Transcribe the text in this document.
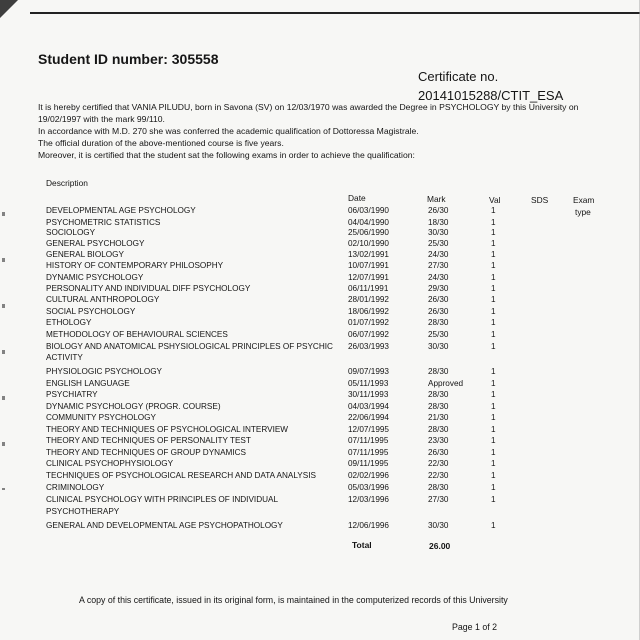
Student ID number: 305558
Certificate no.
20141015288/CTIT_ESA
It is hereby certified that VANIA PILUDU, born in Savona (SV) on 12/03/1970 was awarded the Degree in PSYCHOLOGY by this University on
19/02/1997 with the mark 99/110.
In accordance with M.D. 270 she was conferred the academic qualification of Dottoressa Magistrale.
The official duration of the above-mentioned course is five years.
Moreover, it is certified that the student sat the following exams in order to achieve the qualification:
Description
Date	Mark	Val	SDS	Exam
type
DEVELOPMENTAL AGE PSYCHOLOGY	06/03/1990	26/30	1
PSYCHOMETRIC STATISTICS	04/04/1990	18/30	1
SOCIOLOGY	25/06/1990	30/30	1
GENERAL PSYCHOLOGY	02/10/1990	25/30	1
GENERAL BIOLOGY	13/02/1991	24/30	1
HISTORY OF CONTEMPORARY PHILOSOPHY	10/07/1991	27/30	1
DYNAMIC PSYCHOLOGY	12/07/1991	24/30	1
PERSONALITY AND INDIVIDUAL DIFF PSYCHOLOGY	06/11/1991	29/30	1
CULTURAL ANTHROPOLOGY	28/01/1992	26/30	1
SOCIAL PSYCHOLOGY	18/06/1992	26/30	1
ETHOLOGY	01/07/1992	28/30	1
METHODOLOGY OF BEHAVIOURAL SCIENCES	06/07/1992	25/30	1
BIOLOGY AND ANATOMICAL PSHYSIOLOGICAL PRINCIPLES OF PSYCHIC 26/03/1993	30/30	1
ACTIVITY
PHYSIOLOGIC PSYCHOLOGY	09/07/1993	28/30	1
ENGLISH LANGUAGE	05/11/1993	Approved	1
PSYCHIATRY	30/11/1993	28/30	1
DYNAMIC PSYCHOLOGY (PROGR. COURSE)	04/03/1994	28/30	1
COMMUNITY PSYCHOLOGY	22/06/1994	21/30	1
THEORY AND TECHNIQUES OF PSYCHOLOGICAL INTERVIEW	12/07/1995	28/30	1
THEORY AND TECHNIQUES OF PERSONALITY TEST	07/11/1995	23/30	1
THEORY AND TECHNIQUES OF GROUP DYNAMICS	07/11/1995	26/30	1
CLINICAL PSYCHOPHYSIOLOGY	09/11/1995	22/30	1
TECHNIQUES OF PSYCHOLOGICAL RESEARCH AND DATA ANALYSIS	02/02/1996	22/30	1
CRIMINOLOGY	05/03/1996	28/30	1
CLINICAL PSYCHOLOGY WITH PRINCIPLES OF INDIVIDUAL	12/03/1996	27/30	1
PSYCHOTHERAPY
GENERAL AND DEVELOPMENTAL AGE PSYCHOPATHOLOGY	12/06/1996	30/30	1
Total	26.00
A copy of this certificate, issued in its original form, is maintained in the computerized records of this University
Page 1 of 2
